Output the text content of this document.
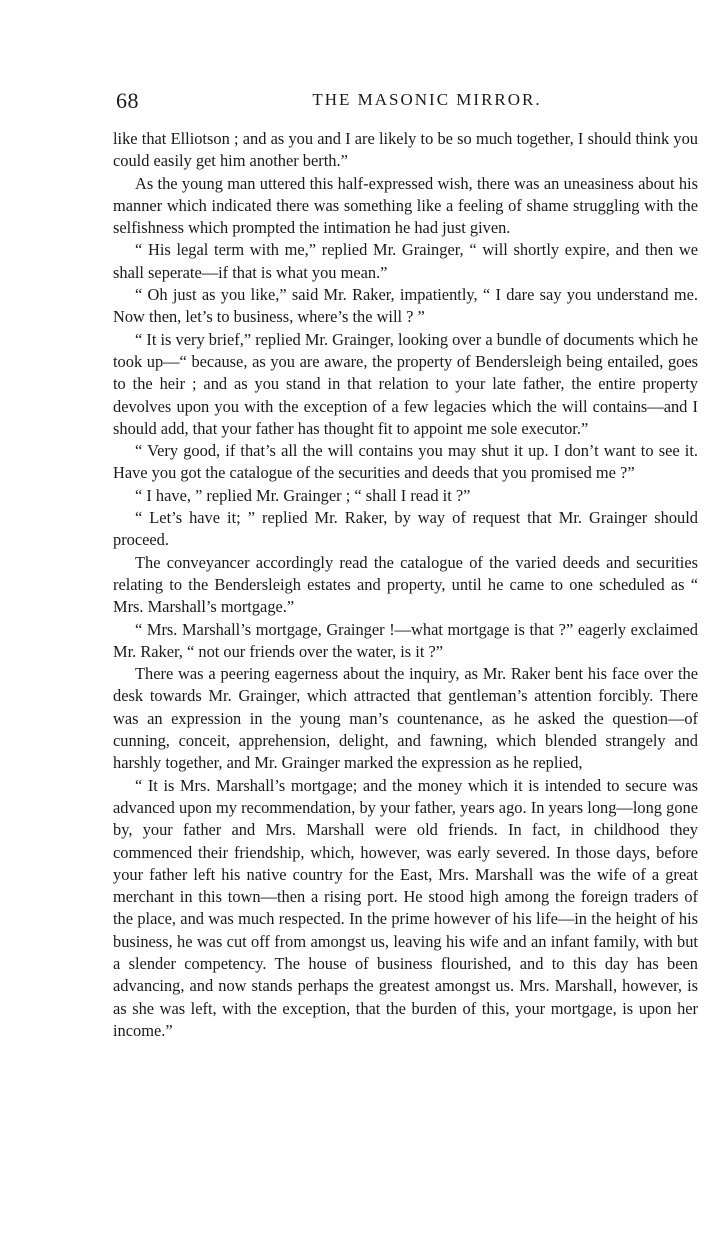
68	THE MASONIC MIRROR.

like that Elliotson ; and as you and I are likely to be so much together, I should think you could easily get him another berth.”

As the young man uttered this half-expressed wish, there was an uneasiness about his manner which indicated there was something like a feeling of shame struggling with the selfishness which prompted the intimation he had just given.

“ His legal term with me,” replied Mr. Grainger, “ will shortly expire, and then we shall seperate—if that is what you mean.”

“ Oh just as you like,” said Mr. Raker, impatiently, “ I dare say you understand me. Now then, let’s to business, where’s the will ? ”

“ It is very brief,” replied Mr. Grainger, looking over a bundle of documents which he took up—“ because, as you are aware, the property of Bendersleigh being entailed, goes to the heir ; and as you stand in that relation to your late father, the entire property devolves upon you with the exception of a few legacies which the will contains—and I should add, that your father has thought fit to appoint me sole executor.”

“ Very good, if that’s all the will contains you may shut it up. I don’t want to see it. Have you got the catalogue of the securities and deeds that you promised me ?”

“ I have, ” replied Mr. Grainger ; “ shall I read it ?”

“ Let’s have it; ” replied Mr. Raker, by way of request that Mr. Grainger should proceed.

The conveyancer accordingly read the catalogue of the varied deeds and securities relating to the Bendersleigh estates and property, until he came to one scheduled as “ Mrs. Marshall’s mortgage.”

“ Mrs. Marshall’s mortgage, Grainger !—what mortgage is that ?” eagerly exclaimed Mr. Raker, “ not our friends over the water, is it ?”

There was a peering eagerness about the inquiry, as Mr. Raker bent his face over the desk towards Mr. Grainger, which attracted that gentleman’s attention forcibly. There was an expression in the young man’s countenance, as he asked the question—of cunning, conceit, apprehension, delight, and fawning, which blended strangely and harshly together, and Mr. Grainger marked the expression as he replied,

“ It is Mrs. Marshall’s mortgage; and the money which it is intended to secure was advanced upon my recommendation, by your father, years ago. In years long—long gone by, your father and Mrs. Marshall were old friends. In fact, in childhood they commenced their friendship, which, however, was early severed. In those days, before your father left his native country for the East, Mrs. Marshall was the wife of a great merchant in this town—then a rising port. He stood high among the foreign traders of the place, and was much respected. In the prime however of his life—in the height of his business, he was cut off from amongst us, leaving his wife and an infant family, with but a slender competency. The house of business flourished, and to this day has been advancing, and now stands perhaps the greatest amongst us. Mrs. Marshall, however, is as she was left, with the exception, that the burden of this, your mortgage, is upon her income.”
